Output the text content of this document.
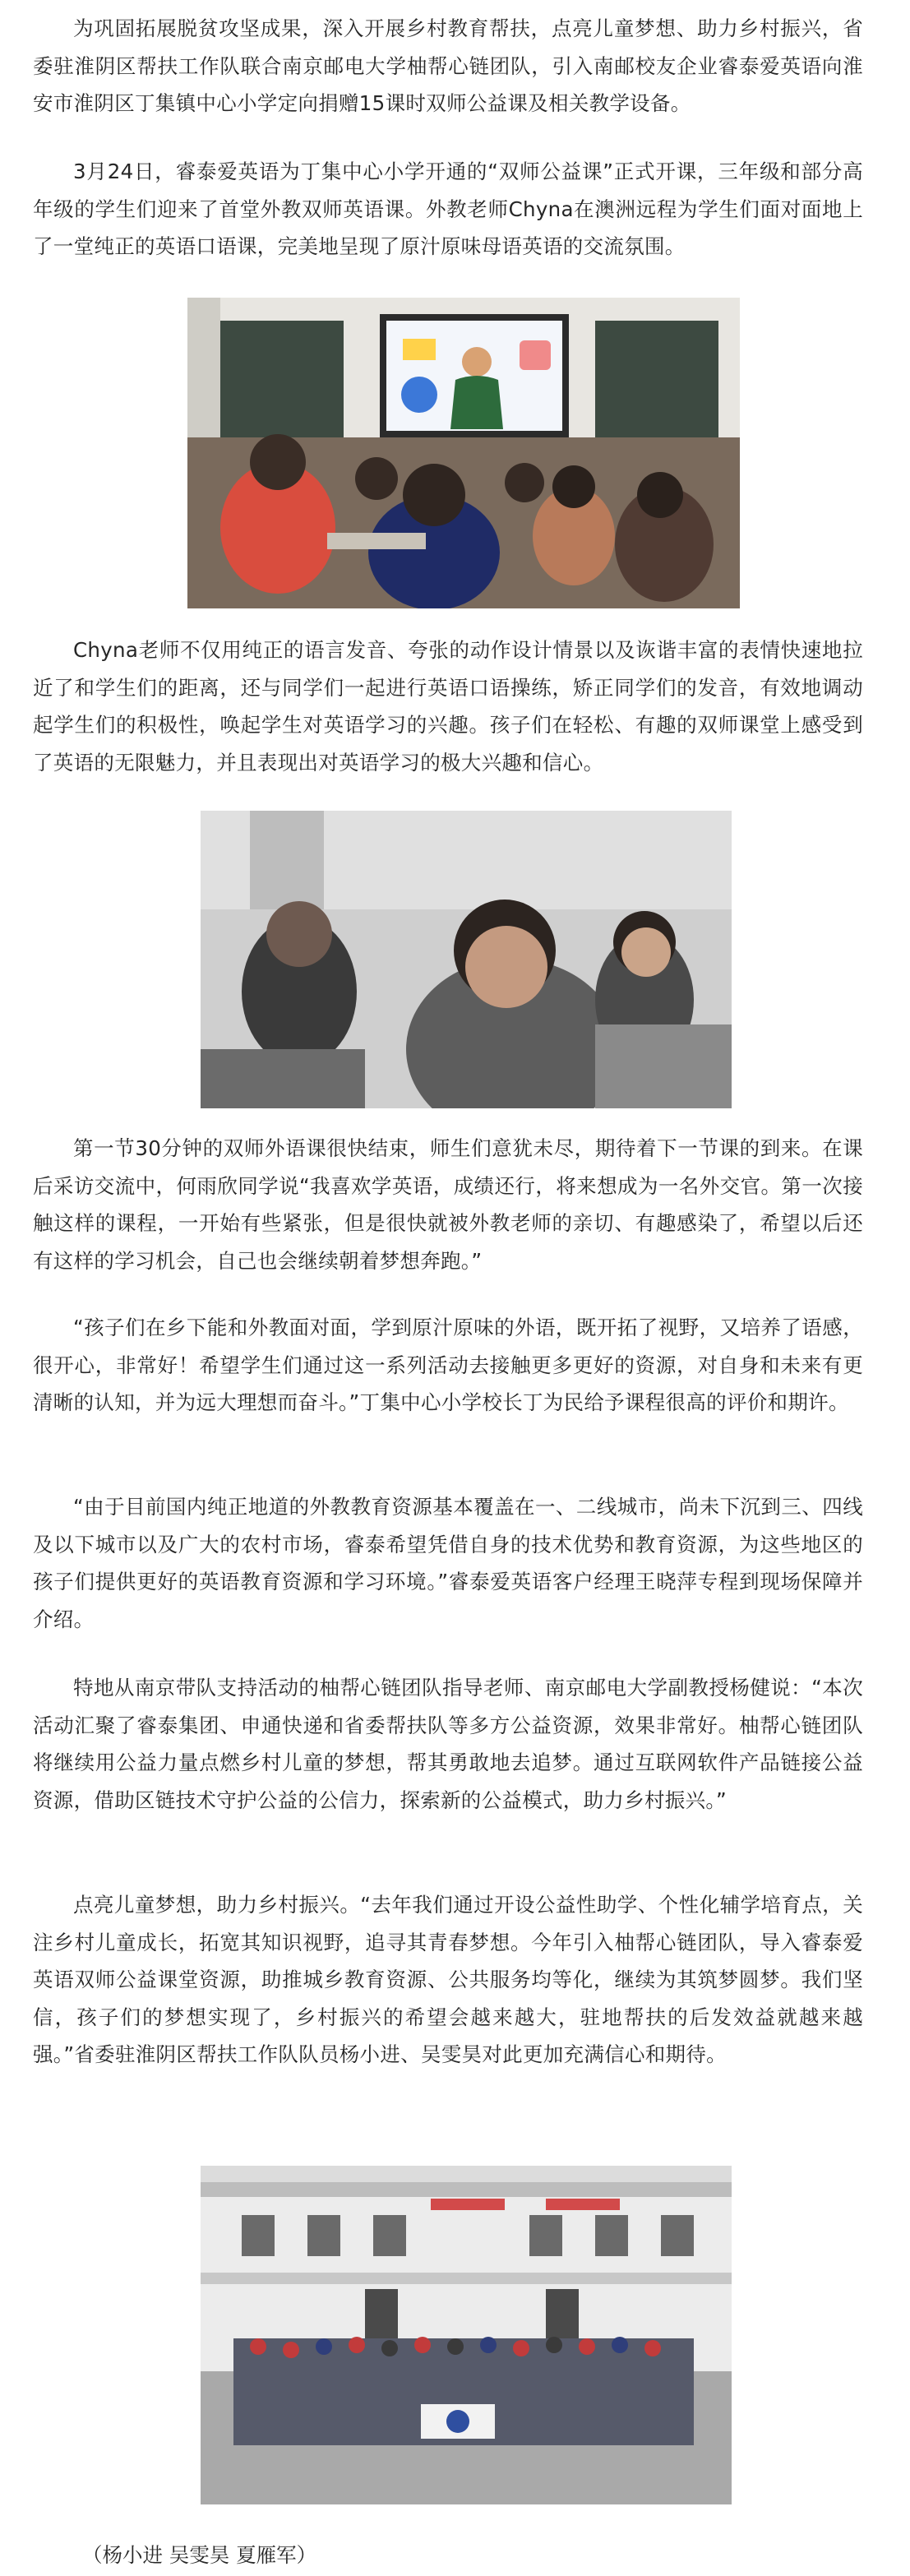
为巩固拓展脱贫攻坚成果，深入开展乡村教育帮扶，点亮儿童梦想、助力乡村振兴，省委驻淮阴区帮扶工作队联合南京邮电大学柚帮心链团队，引入南邮校友企业睿泰爱英语向淮安市淮阴区丁集镇中心小学定向捐赠15课时双师公益课及相关教学设备。

3月24日，睿泰爱英语为丁集中心小学开通的“双师公益课”正式开课，三年级和部分高年级的学生们迎来了首堂外教双师英语课。外教老师Chyna在澳洲远程为学生们面对面地上了一堂纯正的英语口语课，完美地呈现了原汁原味母语英语的交流氛围。

Chyna老师不仅用纯正的语言发音、夸张的动作设计情景以及诙谐丰富的表情快速地拉近了和学生们的距离，还与同学们一起进行英语口语操练，矫正同学们的发音，有效地调动起学生们的积极性，唤起学生对英语学习的兴趣。孩子们在轻松、有趣的双师课堂上感受到了英语的无限魅力，并且表现出对英语学习的极大兴趣和信心。

第一节30分钟的双师外语课很快结束，师生们意犹未尽，期待着下一节课的到来。在课后采访交流中，何雨欣同学说“我喜欢学英语，成绩还行，将来想成为一名外交官。第一次接触这样的课程，一开始有些紧张，但是很快就被外教老师的亲切、有趣感染了，希望以后还有这样的学习机会，自己也会继续朝着梦想奔跑。”

“孩子们在乡下能和外教面对面，学到原汁原味的外语，既开拓了视野，又培养了语感，很开心，非常好！希望学生们通过这一系列活动去接触更多更好的资源，对自身和未来有更清晰的认知，并为远大理想而奋斗。”丁集中心小学校长丁为民给予课程很高的评价和期许。

“由于目前国内纯正地道的外教教育资源基本覆盖在一、二线城市，尚未下沉到三、四线及以下城市以及广大的农村市场，睿泰希望凭借自身的技术优势和教育资源，为这些地区的孩子们提供更好的英语教育资源和学习环境。”睿泰爱英语客户经理王晓萍专程到现场保障并介绍。

特地从南京带队支持活动的柚帮心链团队指导老师、南京邮电大学副教授杨健说：“本次活动汇聚了睿泰集团、申通快递和省委帮扶队等多方公益资源，效果非常好。柚帮心链团队将继续用公益力量点燃乡村儿童的梦想，帮其勇敢地去追梦。通过互联网软件产品链接公益资源，借助区链技术守护公益的公信力，探索新的公益模式，助力乡村振兴。”

点亮儿童梦想，助力乡村振兴。“去年我们通过开设公益性助学、个性化辅学培育点，关注乡村儿童成长，拓宽其知识视野，追寻其青春梦想。今年引入柚帮心链团队，导入睿泰爱英语双师公益课堂资源，助推城乡教育资源、公共服务均等化，继续为其筑梦圆梦。我们坚信，孩子们的梦想实现了，乡村振兴的希望会越来越大，驻地帮扶的后发效益就越来越强。”省委驻淮阴区帮扶工作队队员杨小进、吴雯昊对此更加充满信心和期待。

（杨小进 吴雯昊 夏雁军）
